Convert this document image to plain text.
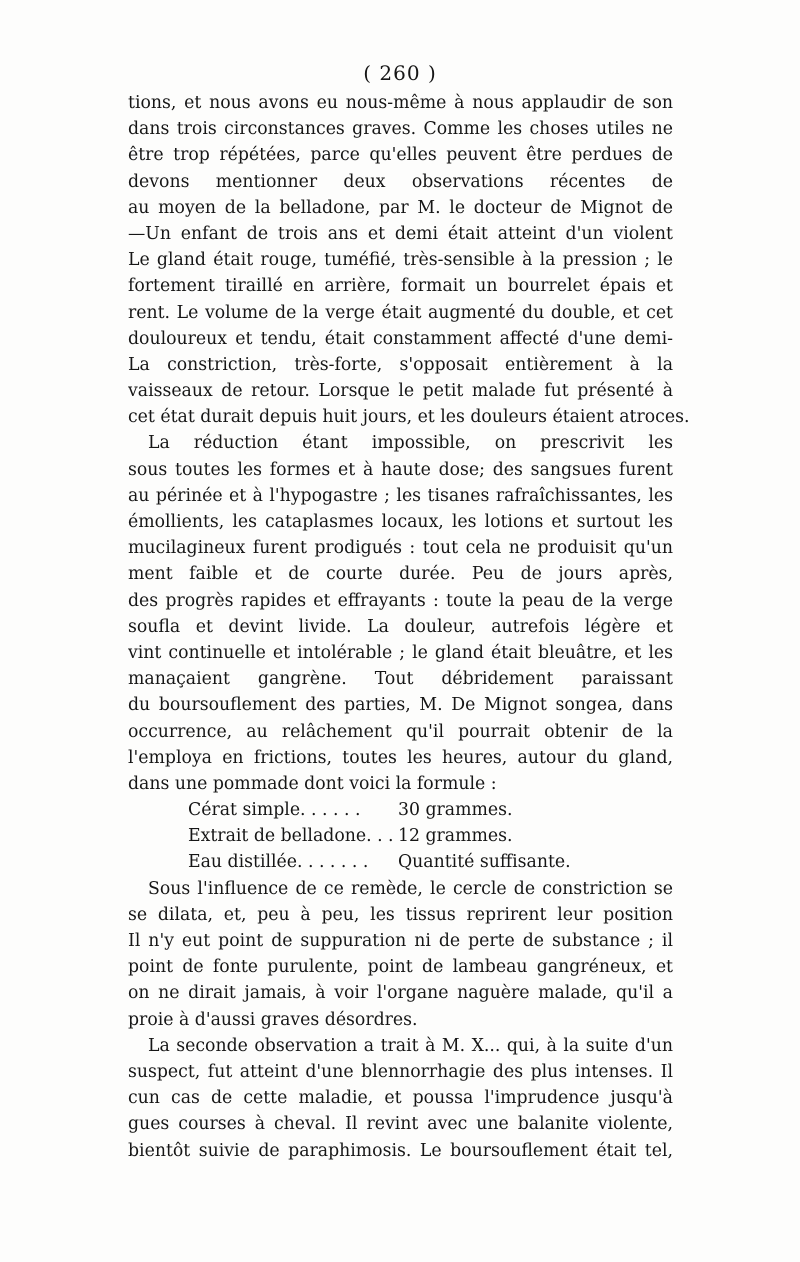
( 260 )
tions, et nous avons eu nous-même à nous applaudir de son
dans trois circonstances graves. Comme les choses utiles ne
être trop répétées, parce qu'elles peuvent être perdues de
devons mentionner deux observations récentes de
au moyen de la belladone, par M. le docteur de Mignot de
—Un enfant de trois ans et demi était atteint d'un violent
Le gland était rouge, tuméfié, très-sensible à la pression ; le
fortement tiraillé en arrière, formait un bourrelet épais et
rent. Le volume de la verge était augmenté du double, et cet
douloureux et tendu, était constamment affecté d'une demi-
La constriction, très-forte, s'opposait entièrement à la
vaisseaux de retour. Lorsque le petit malade fut présenté à
cet état durait depuis huit jours, et les douleurs étaient atroces.
La réduction étant impossible, on prescrivit les
sous toutes les formes et à haute dose; des sangsues furent
au périnée et à l'hypogastre ; les tisanes rafraîchissantes, les
émollients, les cataplasmes locaux, les lotions et surtout les
mucilagineux furent prodigués : tout cela ne produisit qu'un
ment faible et de courte durée. Peu de jours après,
des progrès rapides et effrayants : toute la peau de la verge
soufla et devint livide. La douleur, autrefois légère et
vint continuelle et intolérable ; le gland était bleuâtre, et les
manaçaient gangrène. Tout débridement paraissant
du boursouflement des parties, M. De Mignot songea, dans
occurrence, au relâchement qu'il pourrait obtenir de la
l'employa en frictions, toutes les heures, autour du gland,
dans une pommade dont voici la formule :
Cérat simple. . . . . . 30 grammes.
Extrait de belladone. . . 12 grammes.
Eau distillée. . . . . . . Quantité suffisante.
Sous l'influence de ce remède, le cercle de constriction se
se dilata, et, peu à peu, les tissus reprirent leur position
Il n'y eut point de suppuration ni de perte de substance ; il
point de fonte purulente, point de lambeau gangréneux, et
on ne dirait jamais, à voir l'organe naguère malade, qu'il a
proie à d'aussi graves désordres.
La seconde observation a trait à M. X... qui, à la suite d'un
suspect, fut atteint d'une blennorrhagie des plus intenses. Il
cun cas de cette maladie, et poussa l'imprudence jusqu'à
gues courses à cheval. Il revint avec une balanite violente,
bientôt suivie de paraphimosis. Le boursouflement était tel,
